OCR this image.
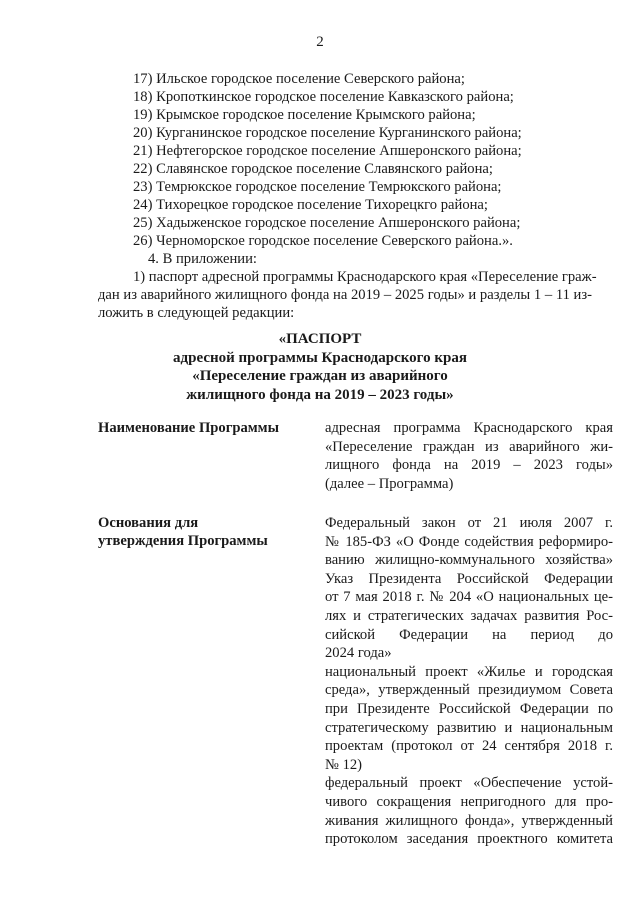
2
17) Ильское городское поселение Северского района;
18) Кропоткинское городское поселение Кавказского района;
19) Крымское городское поселение Крымского района;
20) Курганинское городское поселение Курганинского района;
21) Нефтегорское городское поселение Апшеронского района;
22) Славянское городское поселение Славянского района;
23) Темрюкское городское поселение Темрюкского района;
24) Тихорецкое городское поселение Тихорецкго района;
25) Хадыженское городское поселение Апшеронского района;
26) Черноморское городское поселение Северского района.».
4. В приложении:
1) паспорт адресной программы Краснодарского края «Переселение граж-
дан из аварийного жилищного фонда на 2019 – 2025 годы» и разделы 1 – 11 из-
ложить в следующей редакции:
«ПАСПОРТ
адресной программы Краснодарского края
«Переселение граждан из аварийного
жилищного фонда на 2019 – 2023 годы»
Наименование Программы	адресная программа Краснодарского края
«Переселение граждан из аварийного жи-
лищного фонда на 2019 – 2023 годы»
(далее – Программа)
Основания для
утверждения Программы
Федеральный закон от 21 июля 2007 г.
№ 185-ФЗ «О Фонде содействия реформиро-
ванию жилищно-коммунального хозяйства»
Указ Президента Российской Федерации
от 7 мая 2018 г. № 204 «О национальных це-
лях и стратегических задачах развития Рос-
сийской Федерации на период до
2024 года»
национальный проект «Жилье и городская
среда», утвержденный президиумом Совета
при Президенте Российской Федерации по
стратегическому развитию и национальным
проектам (протокол от 24 сентября 2018 г.
№ 12)
федеральный проект «Обеспечение устой-
чивого сокращения непригодного для про-
живания жилищного фонда», утвержденный
протоколом заседания проектного комитета
